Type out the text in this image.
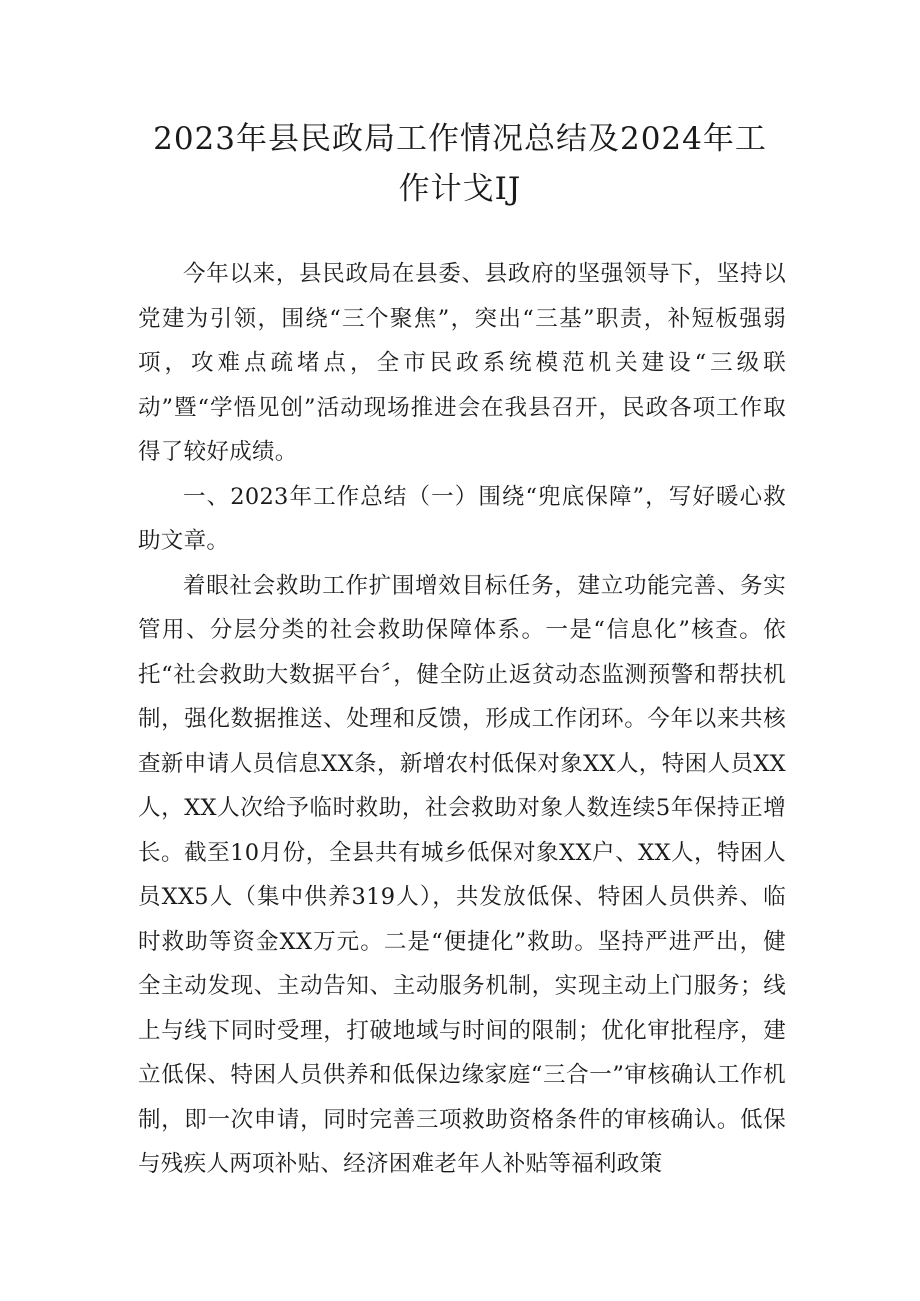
2023年县民政局工作情况总结及2024年工
作计戈IJ

今年以来，县民政局在县委、县政府的坚强领导下，坚持以党建为引领，围绕“三个聚焦”，突出“三基”职责，补短板强弱项，攻难点疏堵点，全市民政系统模范机关建设“三级联动”暨“学悟见创”活动现场推进会在我县召开，民政各项工作取得了较好成绩。

一、2023年工作总结（一）围绕“兜底保障”，写好暖心救助文章。

着眼社会救助工作扩围增效目标任务，建立功能完善、务实管用、分层分类的社会救助保障体系。一是“信息化”核查。依托“社会救助大数据平台〞，健全防止返贫动态监测预警和帮扶机制，强化数据推送、处理和反馈，形成工作闭环。今年以来共核查新申请人员信息XX条，新增农村低保对象XX人，特困人员XX人，XX人次给予临时救助，社会救助对象人数连续5年保持正增长。截至10月份，全县共有城乡低保对象XX户、XX人，特困人员XX5人（集中供养319人），共发放低保、特困人员供养、临时救助等资金XX万元。二是“便捷化”救助。坚持严进严出，健全主动发现、主动告知、主动服务机制，实现主动上门服务；线上与线下同时受理，打破地域与时间的限制；优化审批程序，建立低保、特困人员供养和低保边缘家庭“三合一”审核确认工作机制，即一次申请，同时完善三项救助资格条件的审核确认。低保与残疾人两项补贴、经济困难老年人补贴等福利政策
